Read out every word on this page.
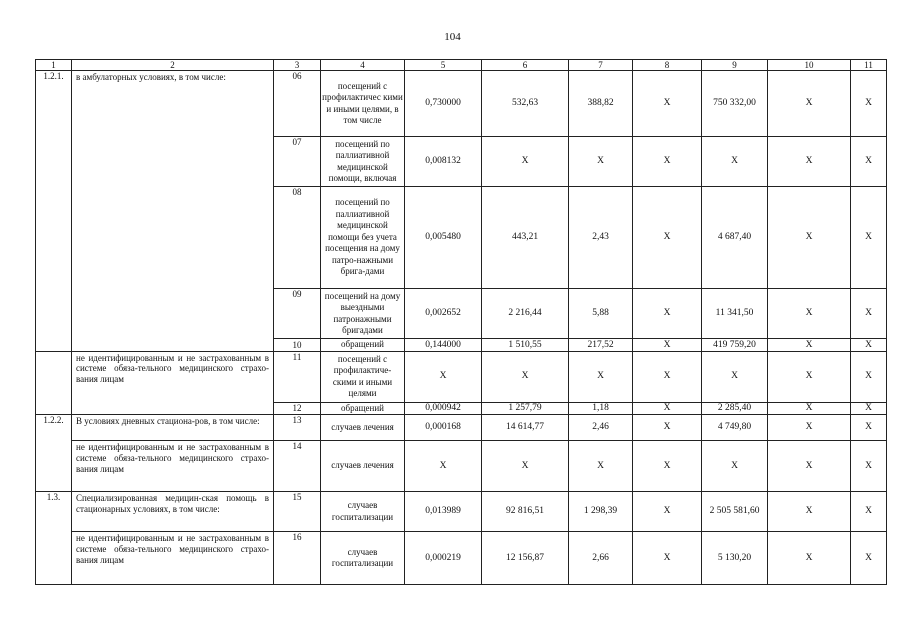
104
1	2	3	4	5	6	7	8	9	10	11
1.2.1.	в амбулаторных условиях, в том числе:	06	посещений с профилактичес кими и иными целями, в том числе	0,730000	532,63	388,82	Х	750 332,00	Х	Х
		07	посещений по паллиативной медицинской помощи, включая	0,008132	Х	Х	Х	Х	Х	Х
		08	посещений по паллиативной медицинской помощи без учета посещения на дому патро-нажными брига-дами	0,005480	443,21	2,43	Х	4 687,40	Х	Х
		09	посещений на дому выездными патронажными бригадами	0,002652	2 216,44	5,88	Х	11 341,50	Х	Х
		10	обращений	0,144000	1 510,55	217,52	Х	419 759,20	Х	Х
	не идентифицированным и не застрахованным в системе обяза-тельного медицинского страхо-вания лицам	11	посещений с профилактиче-скими и иными целями	Х	Х	Х	Х	Х	Х	Х
		12	обращений	0,000942	1 257,79	1,18	Х	2 285,40	Х	Х
1.2.2.	В условиях дневных стационa-ров, в том числе:	13	случаев лечения	0,000168	14 614,77	2,46	Х	4 749,80	Х	Х
	не идентифицированным и не застрахованным в системе обяза-тельного медицинского страхо-вания лицам	14	случаев лечения	Х	Х	Х	Х	Х	Х	Х
1.3.	Специализированная медицин-ская помощь в стационарных условиях, в том числе:	15	случаев госпитализации	0,013989	92 816,51	1 298,39	Х	2 505 581,60	Х	Х
	не идентифицированным и не застрахованным в системе обяза-тельного медицинского страхо-вания лицам	16	случаев госпитализации	0,000219	12 156,87	2,66	Х	5 130,20	Х	Х
